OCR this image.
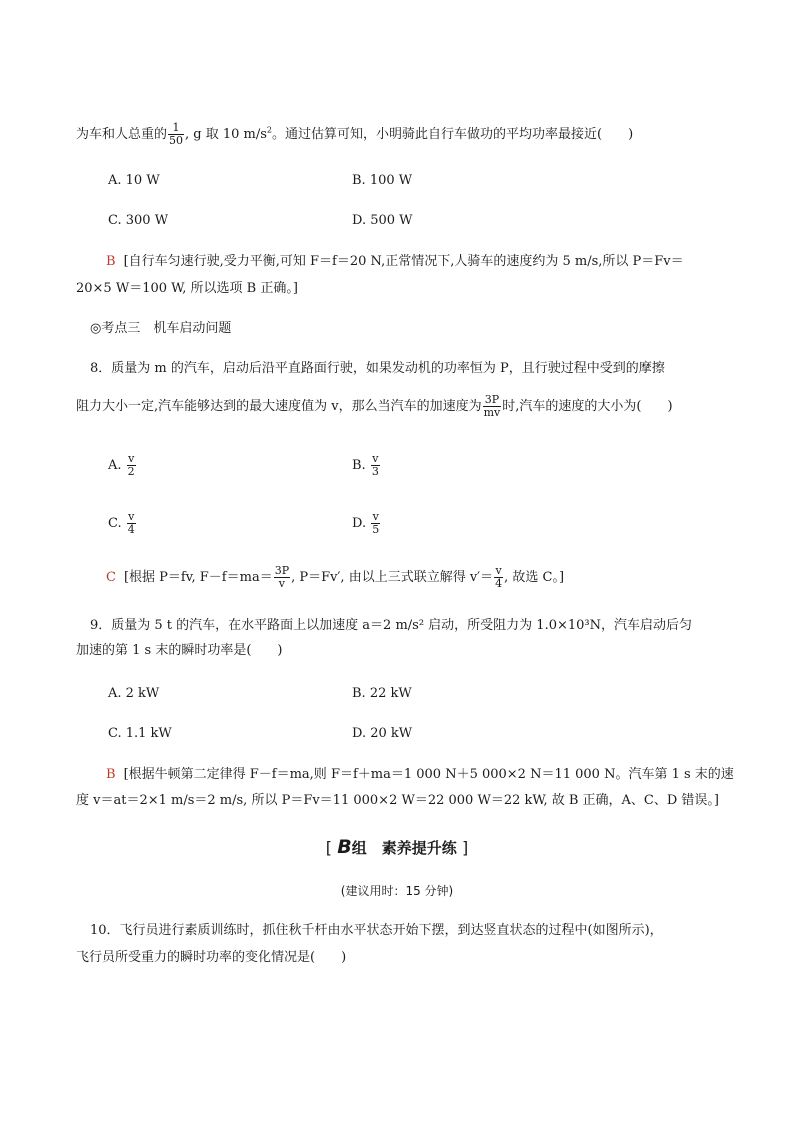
为车和人总重的 $\frac{1}{50}$ , g 取 10 $m/s^2$。通过估算可知，小明骑此自行车做功的平均功率最接近(　　)
A. 10 W	B. 100 W
C. 300 W	D. 500 W
B [自行车匀速行驶,受力平衡,可知 F＝f＝20 N,正常情况下,人骑车的速度约为 5 m/s,所以 P＝Fv＝
20×5 W＝100 W, 所以选项 B 正确。]
◎考点三　机车启动问题
8．质量为 m 的汽车，启动后沿平直路面行驶，如果发动机的功率恒为 P，且行驶过程中受到的摩擦
阻力大小一定,汽车能够达到的最大速度值为 v，那么当汽车的加速度为 $\frac{3P}{mv}$ 时,汽车的速度的大小为(　　)
A. $\frac{v}{2}$	B. $\frac{v}{3}$
C. $\frac{v}{4}$	D. $\frac{v}{5}$
C [根据 P＝fv, $F-f=ma= \frac{3P}{v}$ , P＝Fv′, 由以上三式联立解得 $v'= \frac{v}{4}$ , 故选 C。]
9．质量为 5 t 的汽车，在水平路面上以加速度 a＝2 m/s² 启动，所受阻力为 1.0×10³N，汽车启动后匀
加速的第 1 s 末的瞬时功率是(　　)
A. 2 kW	B. 22 kW
C. 1.1 kW	D. 20 kW
B [根据牛顿第二定律得 F－f＝ma,则 F＝f＋ma＝1 000 N＋5 000×2 N＝11 000 N。汽车第 1 s 末的速
度 v＝at＝2×1 m/s＝2 m/s, 所以 P＝Fv＝11 000×2 W＝22 000 W＝22 kW, 故 B 正确，A、C、D 错误。]
[ B组　素养提升练 ]
(建议用时：15 分钟)
10．飞行员进行素质训练时，抓住秋千杆由水平状态开始下摆，到达竖直状态的过程中(如图所示)，
飞行员所受重力的瞬时功率的变化情况是(　　)
